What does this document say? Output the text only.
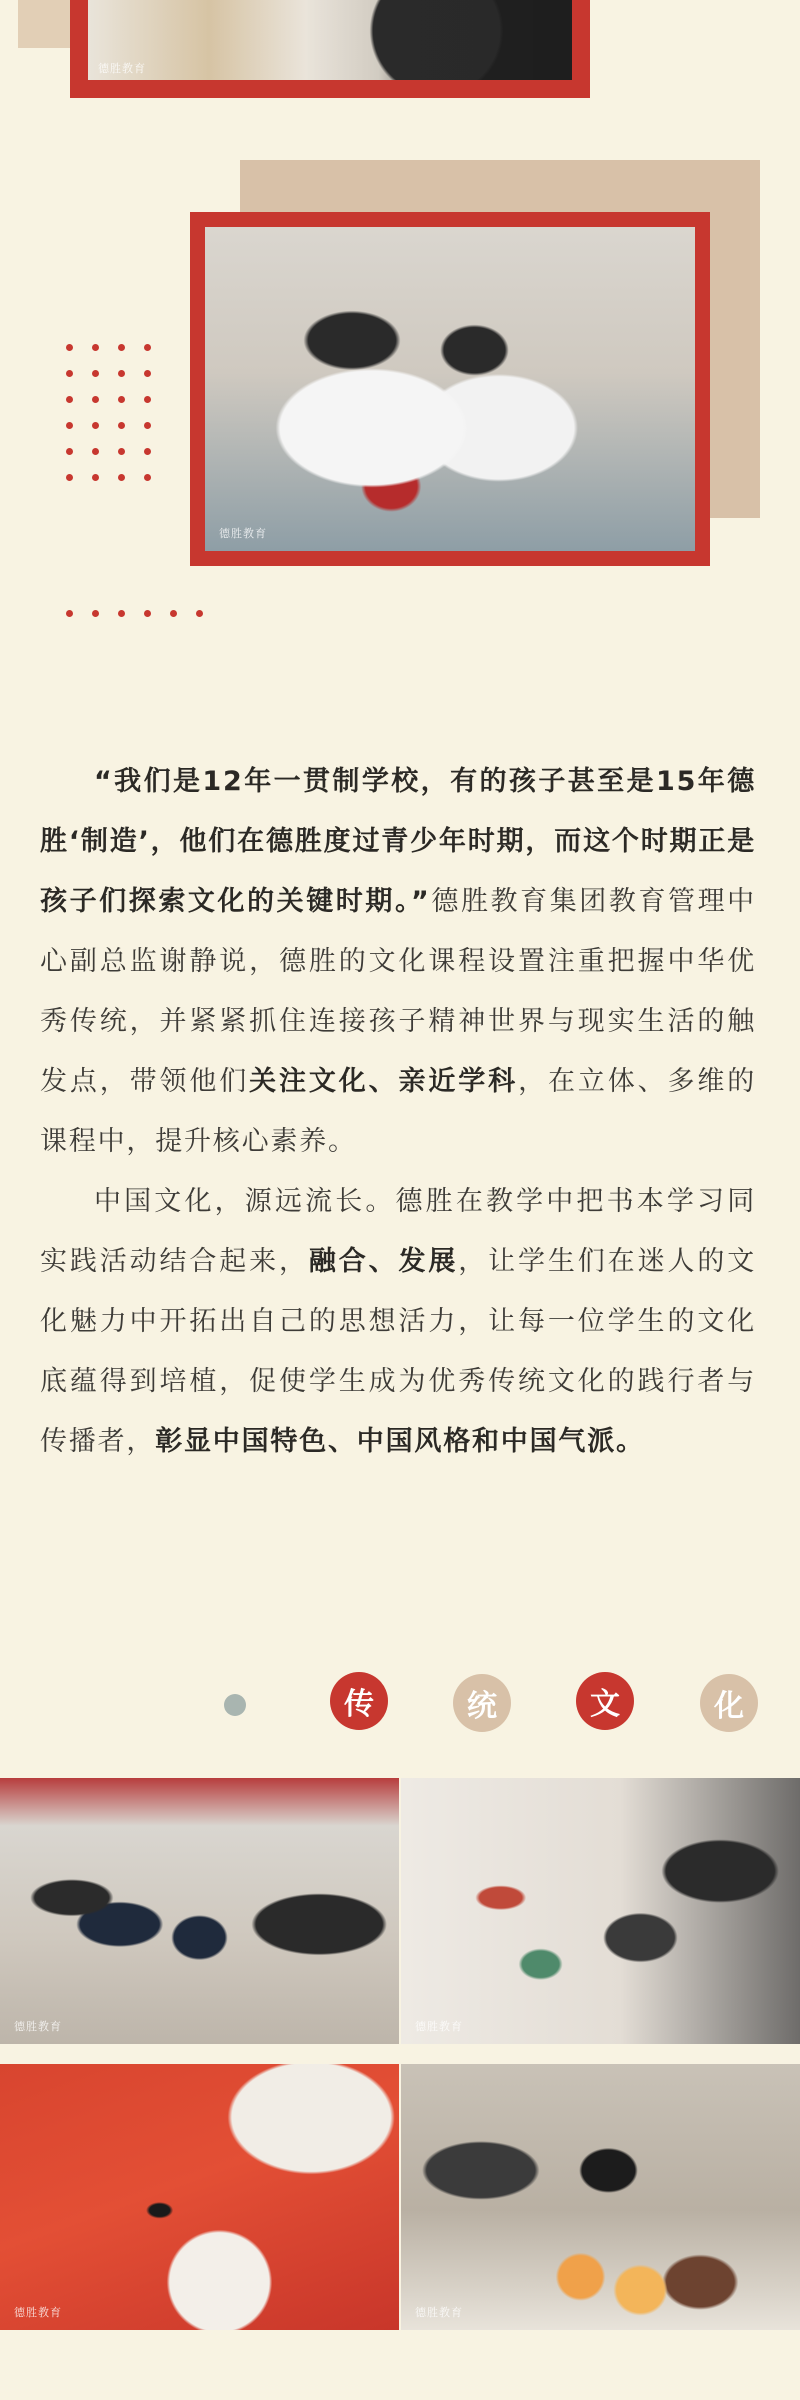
德胜教育
德胜教育

“我们是12年一贯制学校，有的孩子甚至是15年德胜‘制造’，他们在德胜度过青少年时期，而这个时期正是孩子们探索文化的关键时期。”德胜教育集团教育管理中心副总监谢静说，德胜的文化课程设置注重把握中华优秀传统，并紧紧抓住连接孩子精神世界与现实生活的触发点，带领他们关注文化、亲近学科，在立体、多维的课程中，提升核心素养。

中国文化，源远流长。德胜在教学中把书本学习同实践活动结合起来，融合、发展，让学生们在迷人的文化魅力中开拓出自己的思想活力，让每一位学生的文化底蕴得到培植，促使学生成为优秀传统文化的践行者与传播者，彰显中国特色、中国风格和中国气派。

传	统	文	化
德胜教育	德胜教育
德胜教育	德胜教育
